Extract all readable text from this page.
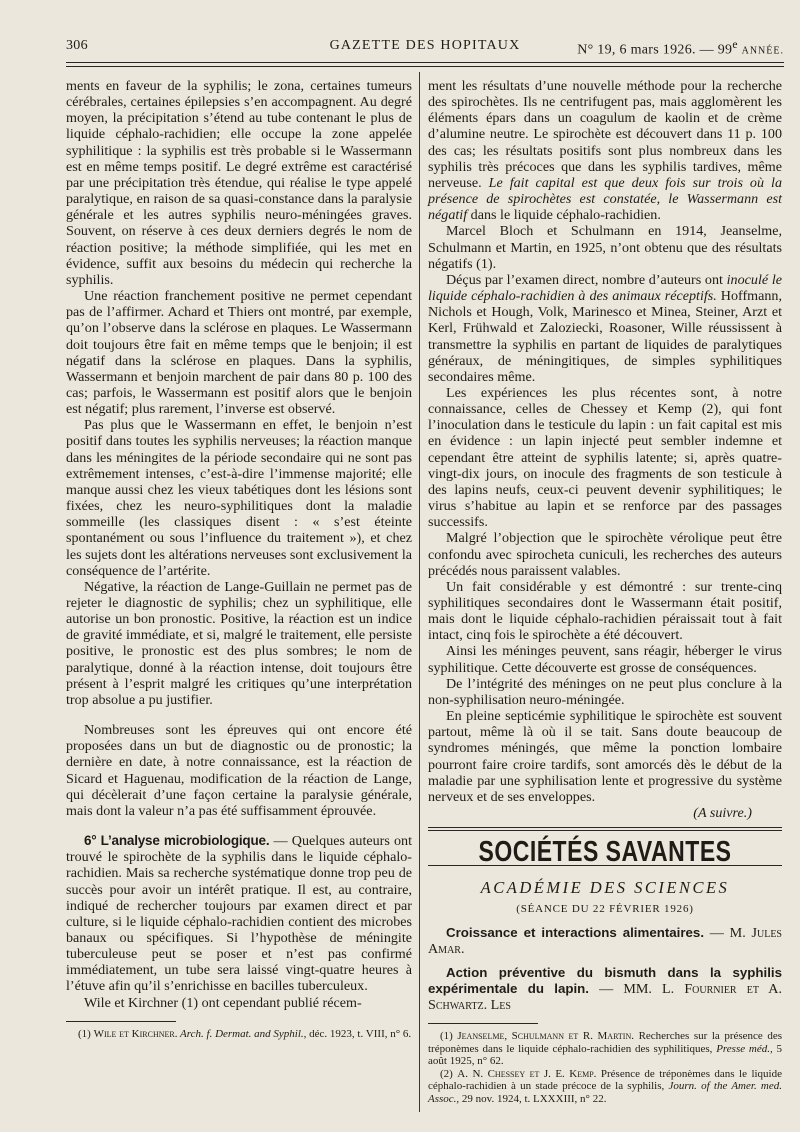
306	GAZETTE DES HOPITAUX	N° 19, 6 mars 1926. — 99e ANNÉE.

ments en faveur de la syphilis; le zona, certaines tumeurs cérébrales, certaines épilepsies s’en accompagnent. Au degré moyen, la précipitation s’étend au tube contenant le plus de liquide céphalo-rachidien; elle occupe la zone appelée syphilitique : la syphilis est très probable si le Wassermann est en même temps positif. Le degré extrême est caractérisé par une précipitation très étendue, qui réalise le type appelé paralytique, en raison de sa quasi-constance dans la paralysie générale et les autres syphilis neuro-méningées graves. Souvent, on réserve à ces deux derniers degrés le nom de réaction positive; la méthode simplifiée, qui les met en évidence, suffit aux besoins du médecin qui recherche la syphilis.

Une réaction franchement positive ne permet cependant pas de l’affirmer. Achard et Thiers ont montré, par exemple, qu’on l’observe dans la sclérose en plaques. Le Wassermann doit toujours être fait en même temps que le benjoin; il est négatif dans la sclérose en plaques. Dans la syphilis, Wassermann et benjoin marchent de pair dans 80 p. 100 des cas; parfois, le Wassermann est positif alors que le benjoin est négatif; plus rarement, l’inverse est observé.

Pas plus que le Wassermann en effet, le benjoin n’est positif dans toutes les syphilis nerveuses; la réaction manque dans les méningites de la période secondaire qui ne sont pas extrêmement intenses, c’est-à-dire l’immense majorité; elle manque aussi chez les vieux tabétiques dont les lésions sont fixées, chez les neuro-syphilitiques dont la maladie sommeille (les classiques disent : « s’est éteinte spontanément ou sous l’influence du traitement »), et chez les sujets dont les altérations nerveuses sont exclusivement la conséquence de l’artérite.

Négative, la réaction de Lange-Guillain ne permet pas de rejeter le diagnostic de syphilis; chez un syphilitique, elle autorise un bon pronostic. Positive, la réaction est un indice de gravité immédiate, et si, malgré le traitement, elle persiste positive, le pronostic est des plus sombres; le nom de paralytique, donné à la réaction intense, doit toujours être présent à l’esprit malgré les critiques qu’une interprétation trop absolue a pu justifier.

Nombreuses sont les épreuves qui ont encore été proposées dans un but de diagnostic ou de pronostic; la dernière en date, à notre connaissance, est la réaction de Sicard et Haguenau, modification de la réaction de Lange, qui décèlerait d’une façon certaine la paralysie générale, mais dont la valeur n’a pas été suffisamment éprouvée.

6° L’analyse microbiologique. — Quelques auteurs ont trouvé le spirochète de la syphilis dans le liquide céphalo-rachidien. Mais sa recherche systématique donne trop peu de succès pour avoir un intérêt pratique. Il est, au contraire, indiqué de rechercher toujours par examen direct et par culture, si le liquide céphalo-rachidien contient des microbes banaux ou spécifiques. Si l’hypothèse de méningite tuberculeuse peut se poser et n’est pas confirmé immédiatement, un tube sera laissé vingt-quatre heures à l’étuve afin qu’il s’enrichisse en bacilles tuberculeux.

Wile et Kirchner (1) ont cependant publié récem-

(1) Wile et Kirchner. Arch. f. Dermat. and Syphil., déc. 1923, t. VIII, n° 6.

ment les résultats d’une nouvelle méthode pour la recherche des spirochètes. Ils ne centrifugent pas, mais agglomèrent les éléments épars dans un coagulum de kaolin et de crème d’alumine neutre. Le spirochète est découvert dans 11 p. 100 des cas; les résultats positifs sont plus nombreux dans les syphilis très précoces que dans les syphilis tardives, même nerveuse. Le fait capital est que deux fois sur trois où la présence de spirochètes est constatée, le Wassermann est négatif dans le liquide céphalo-rachidien.

Marcel Bloch et Schulmann en 1914, Jeanselme, Schulmann et Martin, en 1925, n’ont obtenu que des résultats négatifs (1).

Déçus par l’examen direct, nombre d’auteurs ont inoculé le liquide céphalo-rachidien à des animaux réceptifs. Hoffmann, Nichols et Hough, Volk, Marinesco et Minea, Steiner, Arzt et Kerl, Frühwald et Zaloziecki, Roasoner, Wille réussissent à transmettre la syphilis en partant de liquides de paralytiques généraux, de méningitiques, de simples syphilitiques secondaires même.

Les expériences les plus récentes sont, à notre connaissance, celles de Chessey et Kemp (2), qui font l’inoculation dans le testicule du lapin : un fait capital est mis en évidence : un lapin injecté peut sembler indemne et cependant être atteint de syphilis latente; si, après quatre-vingt-dix jours, on inocule des fragments de son testicule à des lapins neufs, ceux-ci peuvent devenir syphilitiques; le virus s’habitue au lapin et se renforce par des passages successifs.

Malgré l’objection que le spirochète vérolique peut être confondu avec spirocheta cuniculi, les recherches des auteurs précédés nous paraissent valables.

Un fait considérable y est démontré : sur trente-cinq syphilitiques secondaires dont le Wassermann était positif, mais dont le liquide céphalo-rachidien péraissait tout à fait intact, cinq fois le spirochète a été découvert.

Ainsi les méninges peuvent, sans réagir, héberger le virus syphilitique. Cette découverte est grosse de conséquences.

De l’intégrité des méninges on ne peut plus conclure à la non-syphilisation neuro-méningée.

En pleine septicémie syphilitique le spirochète est souvent partout, même là où il se tait. Sans doute beaucoup de syndromes méningés, que même la ponction lombaire pourront faire croire tardifs, sont amorcés dès le début de la maladie par une syphilisation lente et progressive du système nerveux et de ses enveloppes.

(A suivre.)

SOCIÉTÉS SAVANTES
ACADÉMIE DES SCIENCES
(SÉANCE DU 22 FÉVRIER 1926)

Croissance et interactions alimentaires. — M. Jules Amar.

Action préventive du bismuth dans la syphilis expérimentale du lapin. — MM. L. Fournier et A. Schwartz. Les

(1) Jeanselme, Schulmann et R. Martin. Recherches sur la présence des tréponèmes dans le liquide céphalo-rachidien des syphilitiques, Presse méd., 5 août 1925, n° 62.

(2) A. N. Chessey et J. E. Kemp. Présence de tréponèmes dans le liquide céphalo-rachidien à un stade précoce de la syphilis, Journ. of the Amer. med. Assoc., 29 nov. 1924, t. LXXXIII, n° 22.
